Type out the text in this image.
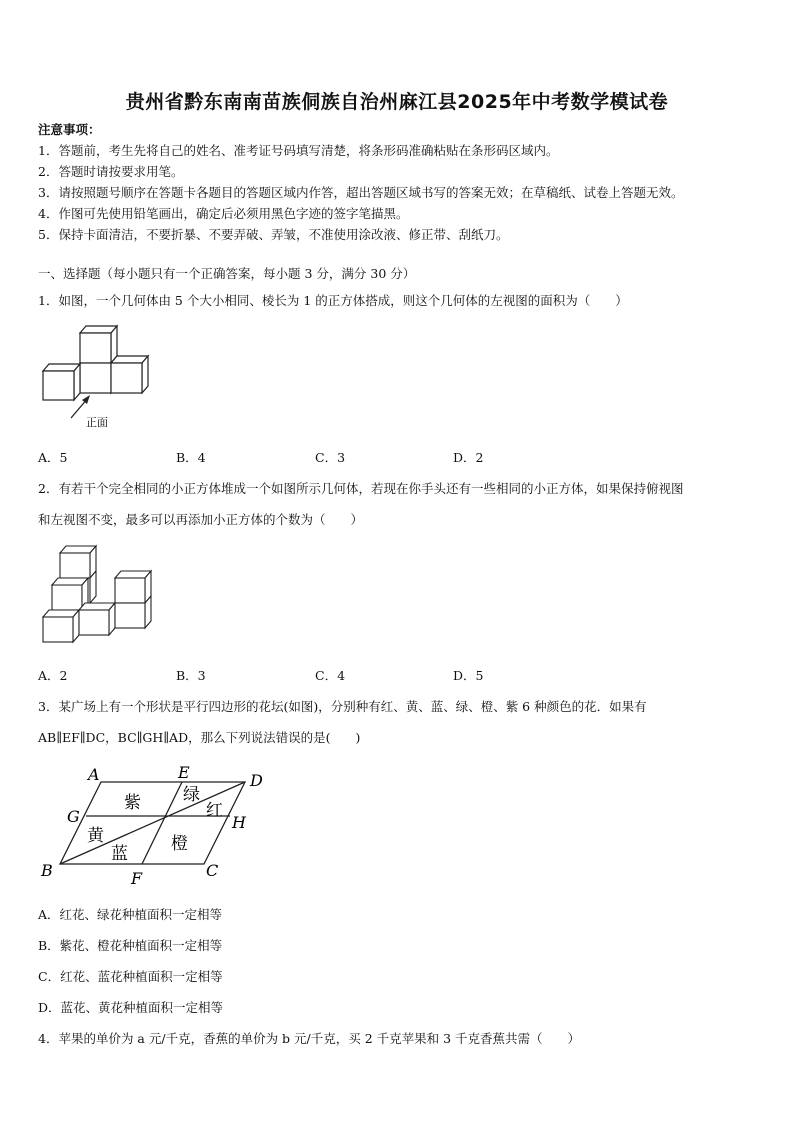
贵州省黔东南南苗族侗族自治州麻江县2025年中考数学模试卷
注意事项：
1．答题前，考生先将自己的姓名、准考证号码填写清楚，将条形码准确粘贴在条形码区域内。
2．答题时请按要求用笔。
3．请按照题号顺序在答题卡各题目的答题区域内作答，超出答题区域书写的答案无效；在草稿纸、试卷上答题无效。
4．作图可先使用铅笔画出，确定后必须用黑色字迹的签字笔描黑。
5．保持卡面清洁，不要折暴、不要弄破、弄皱，不准使用涂改液、修正带、刮纸刀。
一、选择题（每小题只有一个正确答案，每小题 3 分，满分 30 分）
1．如图，一个几何体由 5 个大小相同、棱长为 1 的正方体搭成，则这个几何体的左视图的面积为（　　）
正面
A．5	B．4	C．3	D．2
2．有若干个完全相同的小正方体堆成一个如图所示几何体，若现在你手头还有一些相同的小正方体，如果保持俯视图
和左视图不变，最多可以再添加小正方体的个数为（　　）
A．2	B．3	C．4	D．5
3．某广场上有一个形状是平行四边形的花坛(如图)，分别种有红、黄、蓝、绿、橙、紫 6 种颜色的花．如果有
AB∥EF∥DC，BC∥GH∥AD，那么下列说法错误的是(　　)
A	E	D
G	H
B	F	C
紫 绿
红
黄
蓝	橙
A．红花、绿花种植面积一定相等
B．紫花、橙花种植面积一定相等
C．红花、蓝花种植面积一定相等
D．蓝花、黄花种植面积一定相等
4．苹果的单价为 a 元/千克，香蕉的单价为 b 元/千克，买 2 千克苹果和 3 千克香蕉共需（　　）
